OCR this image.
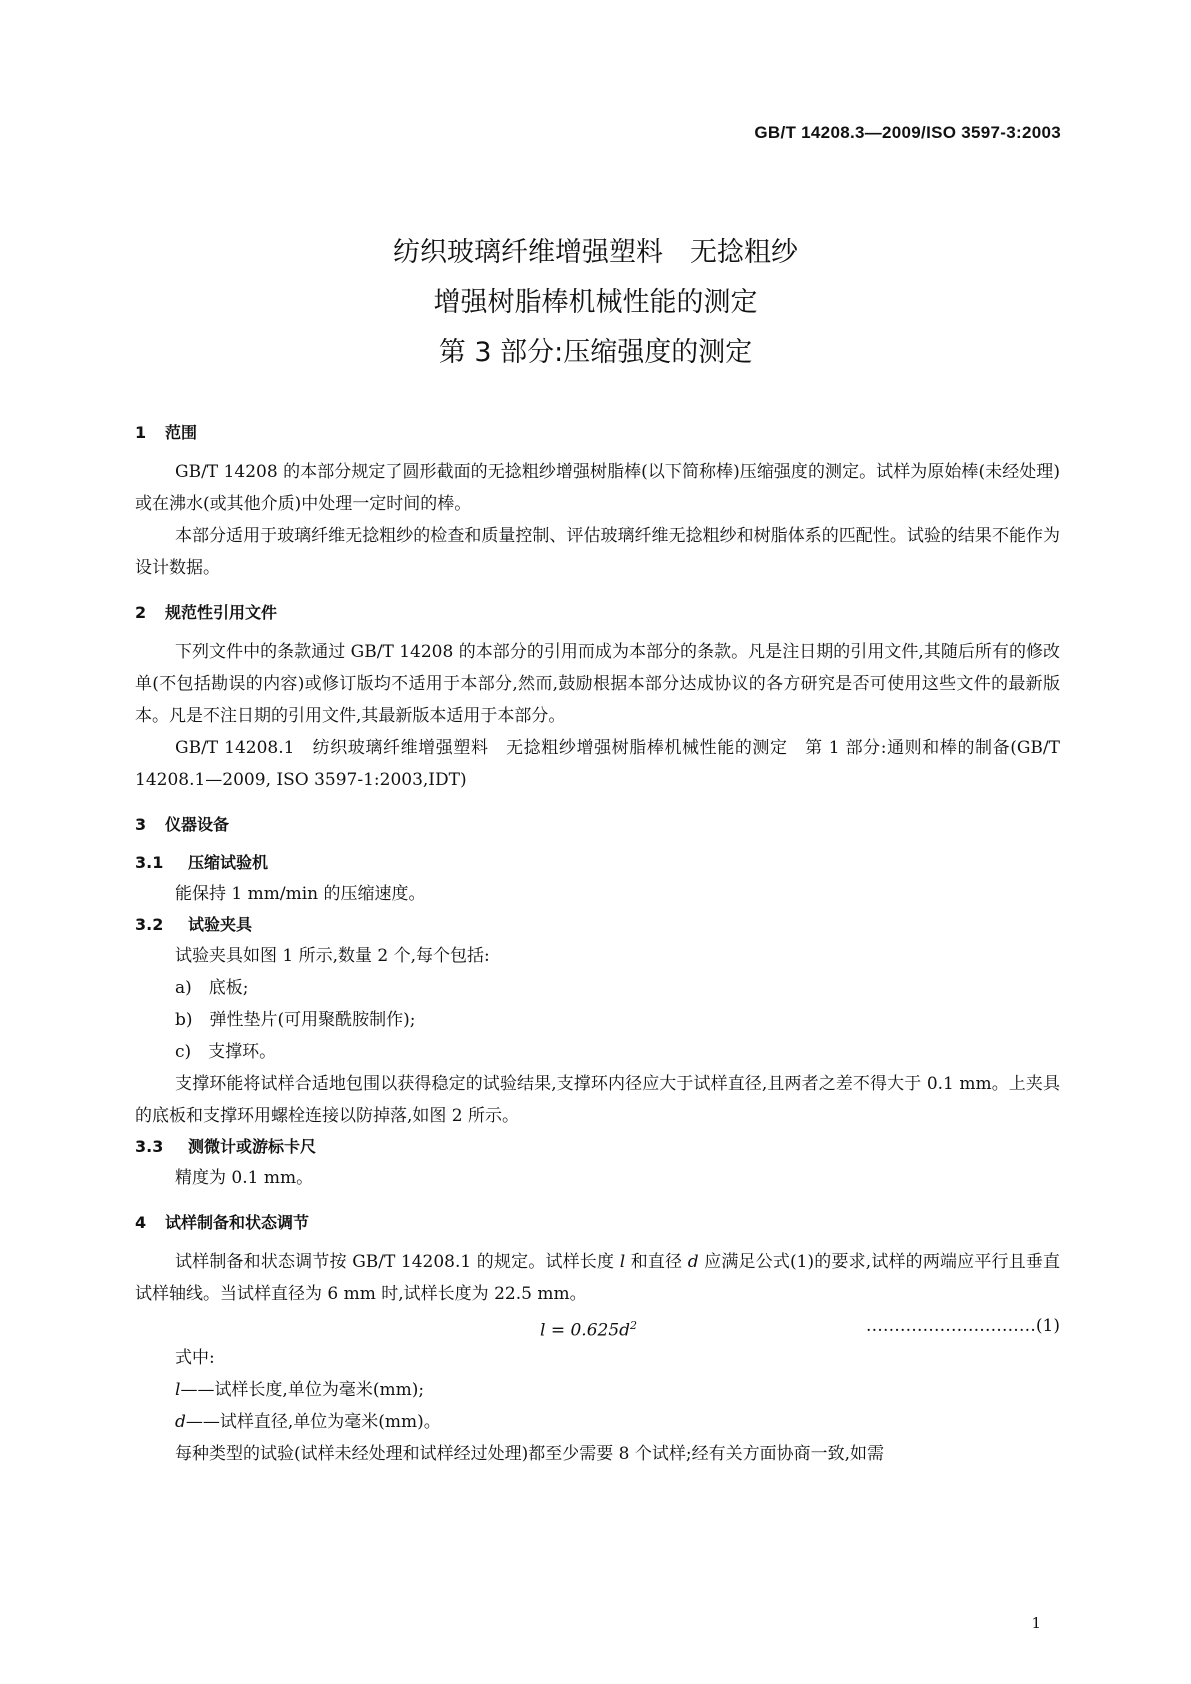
GB/T 14208.3—2009/ISO 3597-3:2003
纺织玻璃纤维增强塑料　无捻粗纱
增强树脂棒机械性能的测定
第 3 部分:压缩强度的测定
1 范围

GB/T 14208 的本部分规定了圆形截面的无捻粗纱增强树脂棒(以下简称棒)压缩强度的测定。试样为原始棒(未经处理)或在沸水(或其他介质)中处理一定时间的棒。

本部分适用于玻璃纤维无捻粗纱的检查和质量控制、评估玻璃纤维无捻粗纱和树脂体系的匹配性。试验的结果不能作为设计数据。

2 规范性引用文件

下列文件中的条款通过 GB/T 14208 的本部分的引用而成为本部分的条款。凡是注日期的引用文件,其随后所有的修改单(不包括勘误的内容)或修订版均不适用于本部分,然而,鼓励根据本部分达成协议的各方研究是否可使用这些文件的最新版本。凡是不注日期的引用文件,其最新版本适用于本部分。

GB/T 14208.1　纺织玻璃纤维增强塑料　无捻粗纱增强树脂棒机械性能的测定　第 1 部分:通则和棒的制备(GB/T 14208.1—2009, ISO 3597-1:2003,IDT)

3 仪器设备
3.1 压缩试验机

能保持 1 mm/min 的压缩速度。

3.2 试验夹具

试验夹具如图 1 所示,数量 2 个,每个包括:

a)　底板;
b)　弹性垫片(可用聚酰胺制作);
c)　支撑环。

支撑环能将试样合适地包围以获得稳定的试验结果,支撑环内径应大于试样直径,且两者之差不得大于 0.1 mm。上夹具的底板和支撑环用螺栓连接以防掉落,如图 2 所示。

3.3 测微计或游标卡尺

精度为 0.1 mm。

4 试样制备和状态调节

试样制备和状态调节按 GB/T 14208.1 的规定。试样长度 l 和直径 d 应满足公式(1)的要求,试样的两端应平行且垂直试样轴线。当试样直径为 6 mm 时,试样长度为 22.5 mm。

$l = 0.625d^2$	…………………………(1)

式中:

l——试样长度,单位为毫米(mm);

d——试样直径,单位为毫米(mm)。

每种类型的试验(试样未经处理和试样经过处理)都至少需要 8 个试样;经有关方面协商一致,如需

1
